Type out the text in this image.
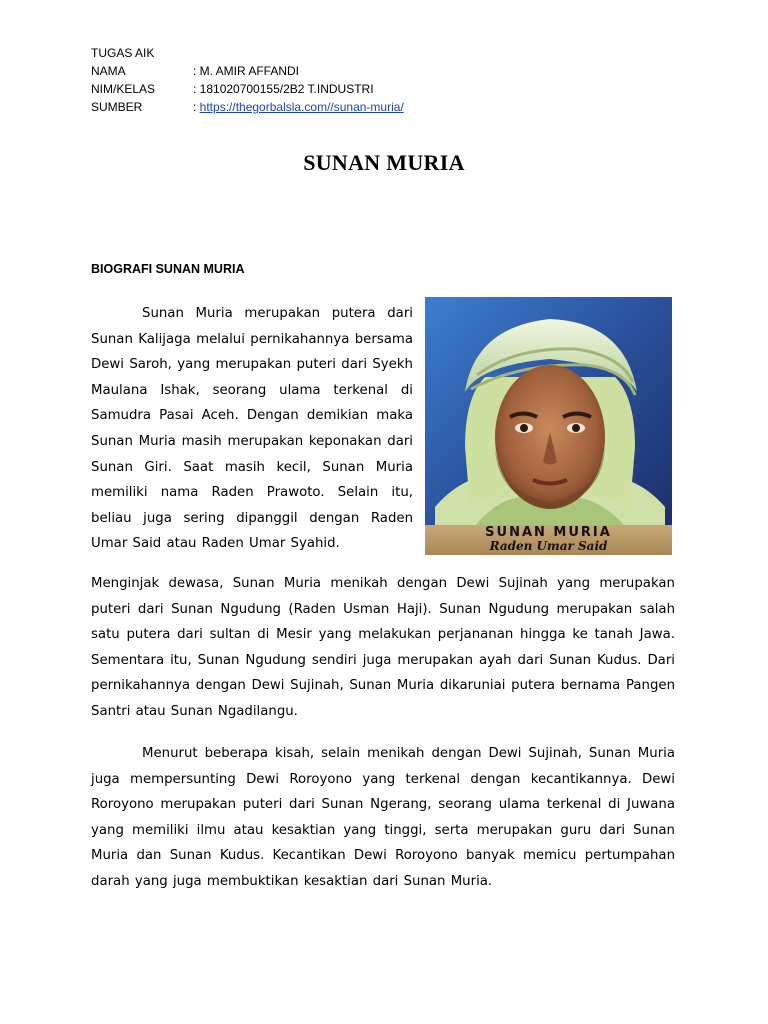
TUGAS AIK
NAMA	: M. AMIR AFFANDI
NIM/KELAS	: 181020700155/2B2 T.INDUSTRI
SUMBER	: https://thegorbalsla.com//sunan-muria/
SUNAN MURIA
BIOGRAFI SUNAN MURIA

Sunan Muria merupakan putera dari Sunan Kalijaga melalui pernikahannya bersama Dewi Saroh, yang merupakan puteri dari Syekh Maulana Ishak, seorang ulama terkenal di Samudra Pasai Aceh. Dengan demikian maka Sunan Muria masih merupakan keponakan dari Sunan Giri. Saat masih kecil, Sunan Muria memiliki nama Raden Prawoto. Selain itu, beliau juga sering dipanggil dengan Raden Umar Said atau Raden Umar Syahid.

SUNAN MURIA
Raden Umar Said

Menginjak dewasa, Sunan Muria menikah dengan Dewi Sujinah yang merupakan puteri dari Sunan Ngudung (Raden Usman Haji). Sunan Ngudung merupakan salah satu putera dari sultan di Mesir yang melakukan perjananan hingga ke tanah Jawa. Sementara itu, Sunan Ngudung sendiri juga merupakan ayah dari Sunan Kudus. Dari pernikahannya dengan Dewi Sujinah, Sunan Muria dikaruniai putera bernama Pangen Santri atau Sunan Ngadilangu.

Menurut beberapa kisah, selain menikah dengan Dewi Sujinah, Sunan Muria juga mempersunting Dewi Roroyono yang terkenal dengan kecantikannya. Dewi Roroyono merupakan puteri dari Sunan Ngerang, seorang ulama terkenal di Juwana yang memiliki ilmu atau kesaktian yang tinggi, serta merupakan guru dari Sunan Muria dan Sunan Kudus. Kecantikan Dewi Roroyono banyak memicu pertumpahan darah yang juga membuktikan kesaktian dari Sunan Muria.
